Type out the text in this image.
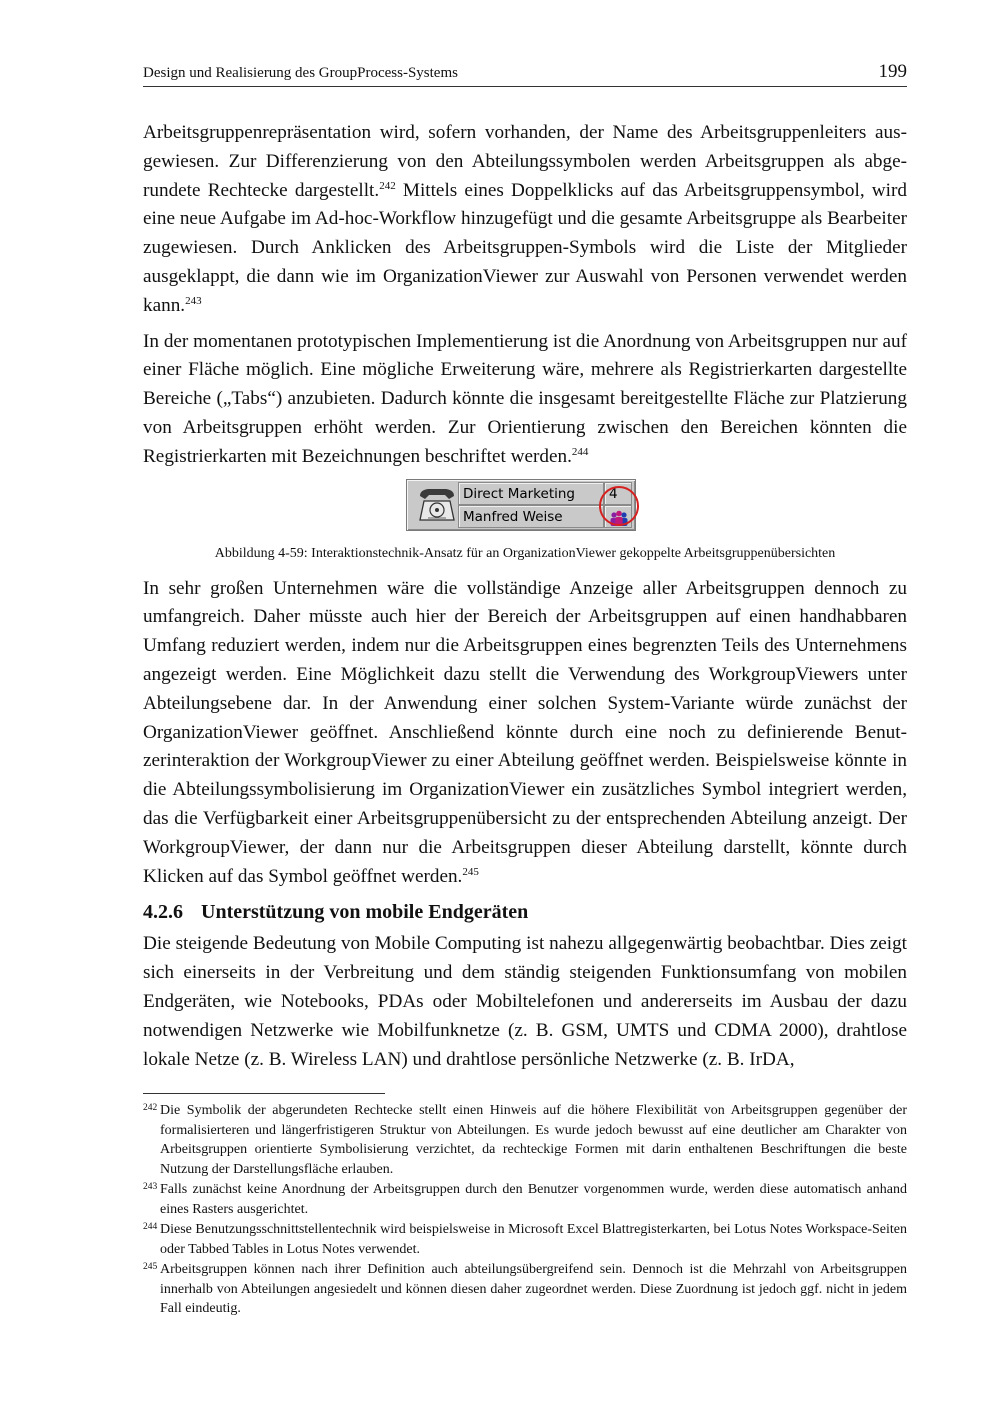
Design und Realisierung des GroupProcess-Systems	199

Arbeitsgruppenrepräsentation wird, sofern vorhanden, der Name des Arbeitsgruppenleiters ausgewiesen. Zur Differenzierung von den Abteilungssymbolen werden Arbeitsgruppen als abgerundete Rechtecke dargestellt.$^{242}$ Mittels eines Doppelklicks auf das Arbeitsgruppensymbol, wird eine neue Aufgabe im Ad-hoc-Workflow hinzugefügt und die gesamte Arbeitsgruppe als Bearbeiter zugewiesen. Durch Anklicken des Arbeitsgruppen-Symbols wird die Liste der Mitglieder ausgeklappt, die dann wie im OrganizationViewer zur Auswahl von Personen verwendet werden kann.$^{243}$

In der momentanen prototypischen Implementierung ist die Anordnung von Arbeitsgruppen nur auf einer Fläche möglich. Eine mögliche Erweiterung wäre, mehrere als Registrierkarten dargestellte Bereiche („Tabs“) anzubieten. Dadurch könnte die insgesamt bereitgestellte Fläche zur Platzierung von Arbeitsgruppen erhöht werden. Zur Orientierung zwischen den Bereichen könnten die Registrierkarten mit Bezeichnungen beschriftet werden.$^{244}$

Direct Marketing	4
Manfred Weise

Abbildung 4-59: Interaktionstechnik-Ansatz für an OrganizationViewer gekoppelte Arbeitsgruppenübersichten

In sehr großen Unternehmen wäre die vollständige Anzeige aller Arbeitsgruppen dennoch zu umfangreich. Daher müsste auch hier der Bereich der Arbeitsgruppen auf einen handhabbaren Umfang reduziert werden, indem nur die Arbeitsgruppen eines begrenzten Teils des Unternehmens angezeigt werden. Eine Möglichkeit dazu stellt die Verwendung des WorkgroupViewers unter Abteilungsebene dar. In der Anwendung einer solchen System-Variante würde zunächst der OrganizationViewer geöffnet. Anschließend könnte durch eine noch zu definierende Benutzerinteraktion der WorkgroupViewer zu einer Abteilung geöffnet werden. Beispielsweise könnte in die Abteilungssymbolisierung im OrganizationViewer ein zusätzliches Symbol integriert werden, das die Verfügbarkeit einer Arbeitsgruppenübersicht zu der entsprechenden Abteilung anzeigt. Der WorkgroupViewer, der dann nur die Arbeitsgruppen dieser Abteilung darstellt, könnte durch Klicken auf das Symbol geöffnet werden.$^{245}$

4.2.6 Unterstützung von mobile Endgeräten

Die steigende Bedeutung von Mobile Computing ist nahezu allgegenwärtig beobachtbar. Dies zeigt sich einerseits in der Verbreitung und dem ständig steigenden Funktionsumfang von mobilen Endgeräten, wie Notebooks, PDAs oder Mobiltelefonen und andererseits im Ausbau der dazu notwendigen Netzwerke wie Mobilfunknetze (z. B. GSM, UMTS und CDMA 2000), drahtlose lokale Netze (z. B. Wireless LAN) und drahtlose persönliche Netzwerke (z. B. IrDA,

242 Die Symbolik der abgerundeten Rechtecke stellt einen Hinweis auf die höhere Flexibilität von Arbeitsgruppen gegenüber der formalisierteren und längerfristigeren Struktur von Abteilungen. Es wurde jedoch bewusst auf eine deutlicher am Charakter von Arbeitsgruppen orientierte Symbolisierung verzichtet, da rechteckige Formen mit darin enthaltenen Beschriftungen die beste Nutzung der Darstellungsfläche erlauben.
243 Falls zunächst keine Anordnung der Arbeitsgruppen durch den Benutzer vorgenommen wurde, werden diese automatisch anhand eines Rasters ausgerichtet.
244 Diese Benutzungsschnittstellentechnik wird beispielsweise in Microsoft Excel Blattregisterkarten, bei Lotus Notes Workspace-Seiten oder Tabbed Tables in Lotus Notes verwendet.
245 Arbeitsgruppen können nach ihrer Definition auch abteilungsübergreifend sein. Dennoch ist die Mehrzahl von Arbeitsgruppen innerhalb von Abteilungen angesiedelt und können diesen daher zugeordnet werden. Diese Zuordnung ist jedoch ggf. nicht in jedem Fall eindeutig.
